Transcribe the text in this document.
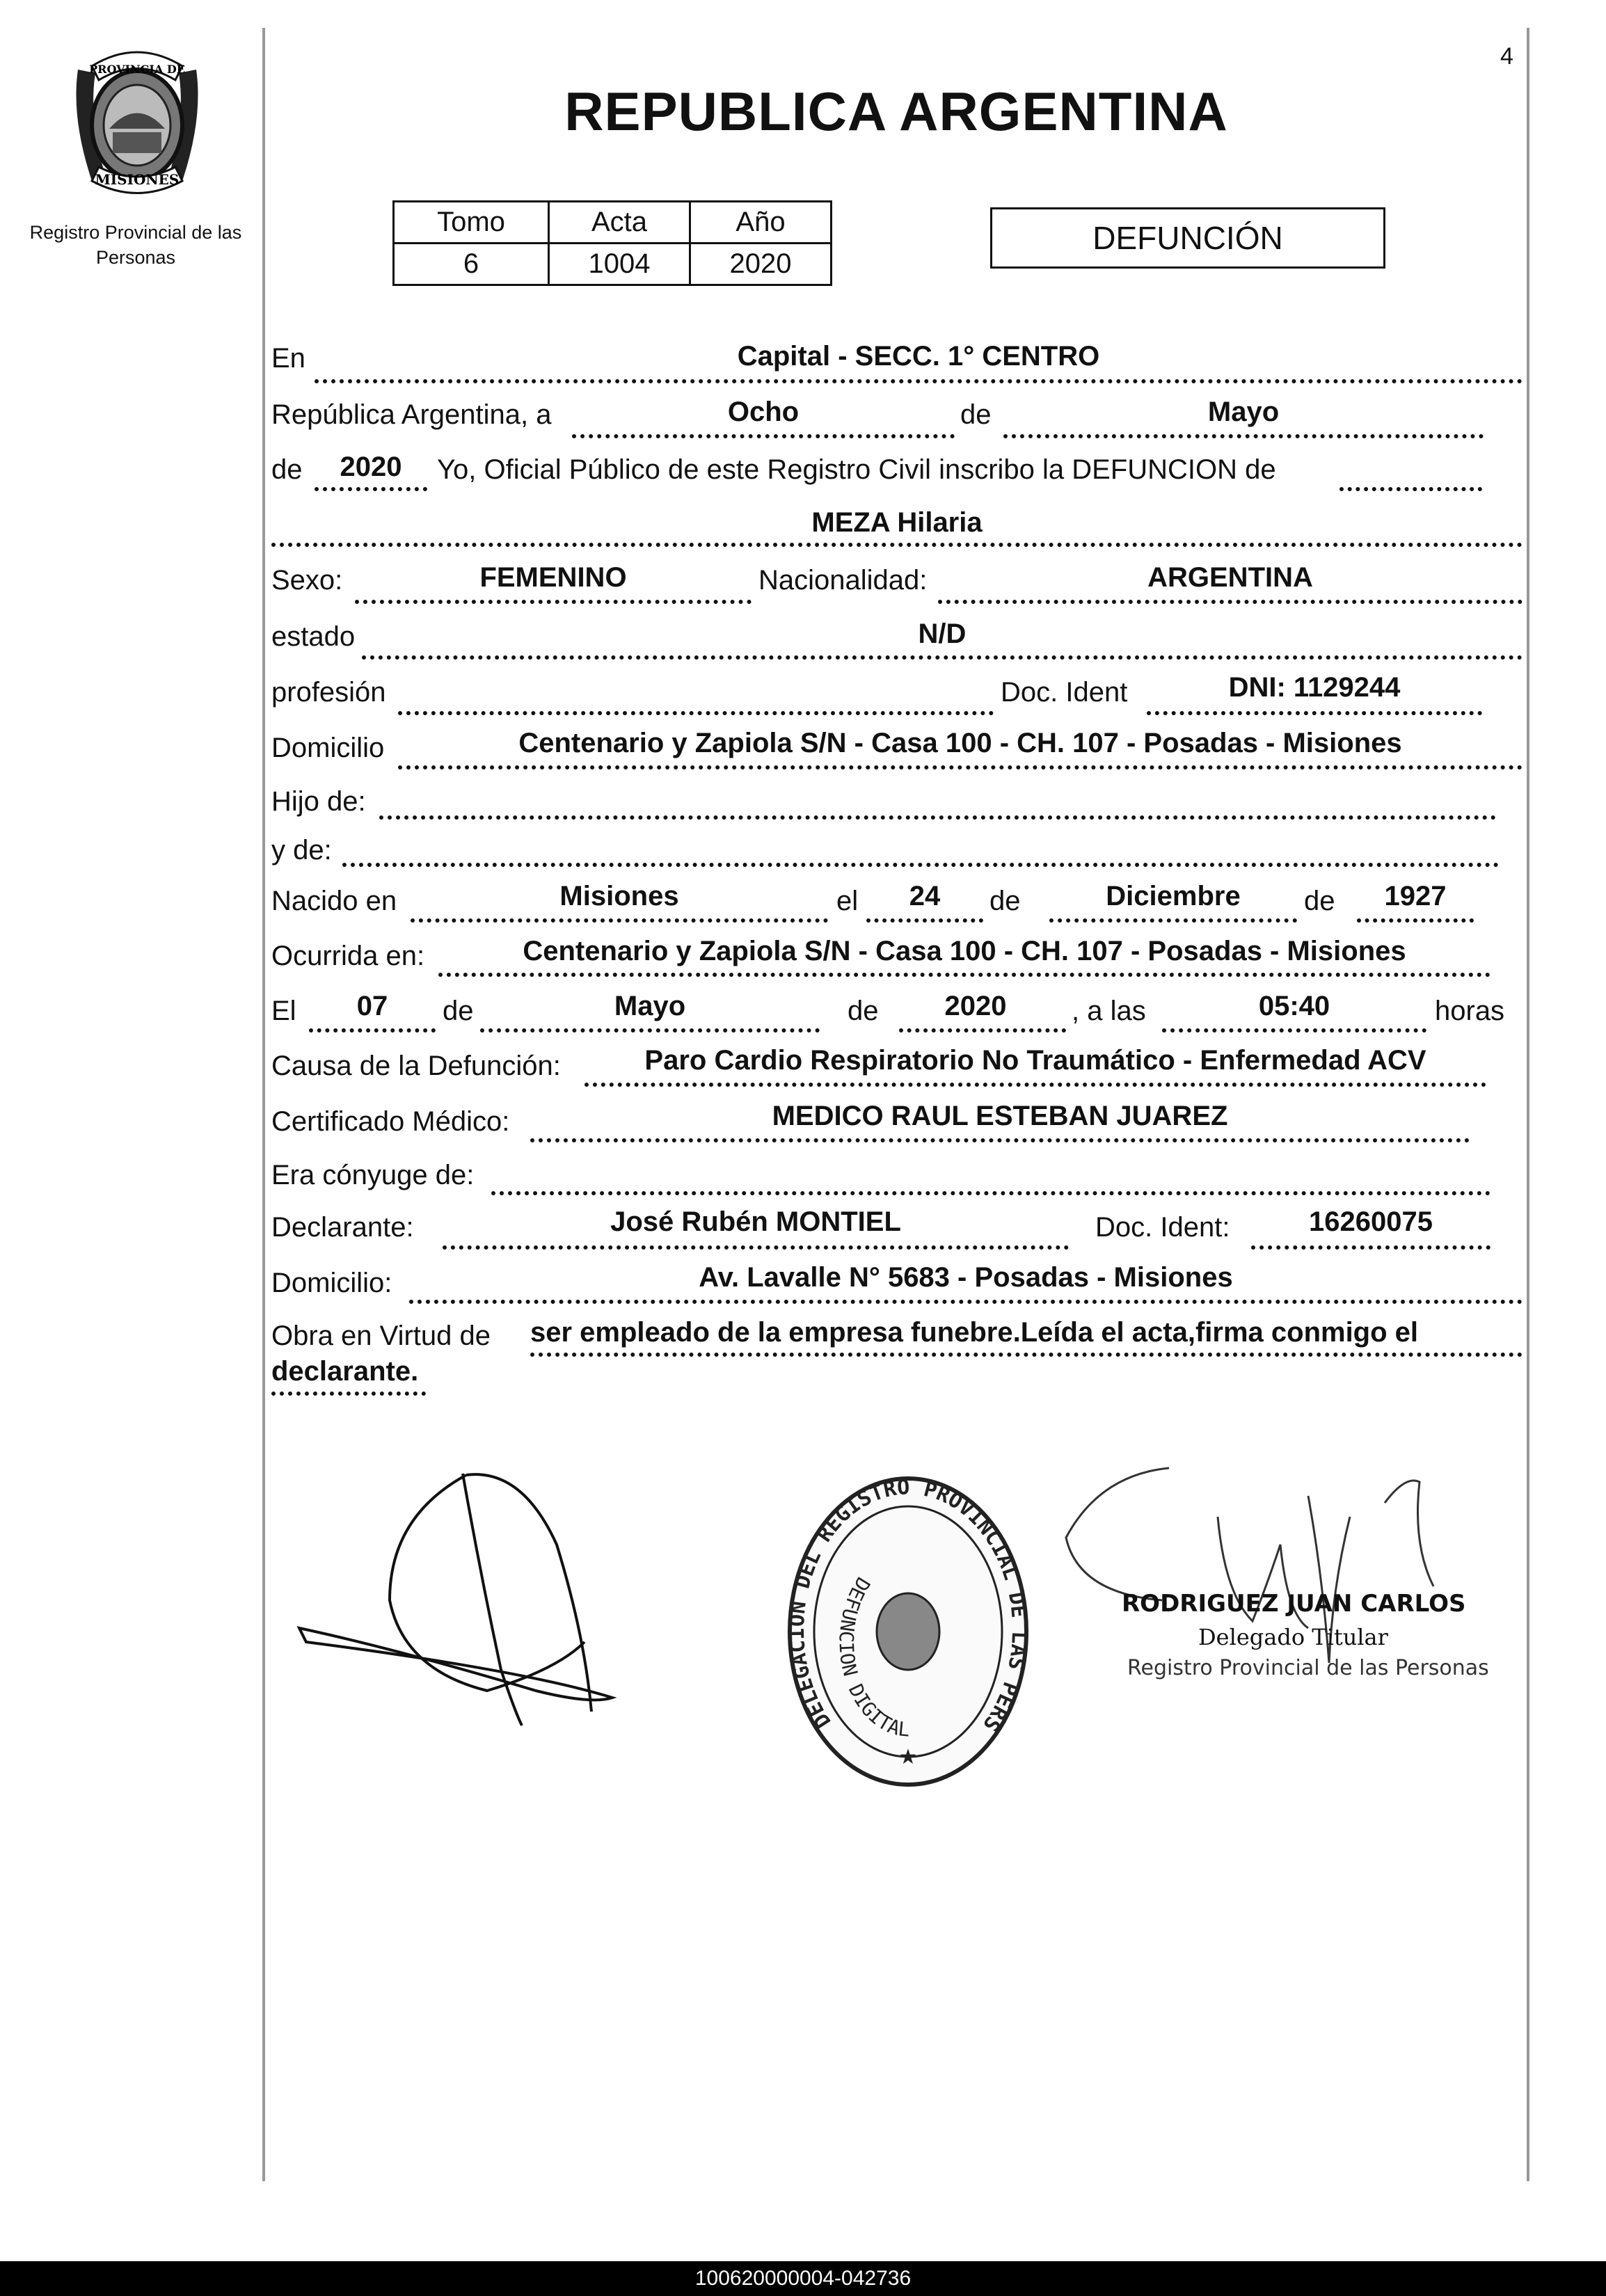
4
PROVINCIA DE
MISIONES
Registro Provincial de las Personas
REPUBLICA ARGENTINA
Tomo	Acta	Año
6	1004	2020
DEFUNCIÓN
En	Capital - SECC. 1° CENTRO
República Argentina, a	Ocho	de	Mayo
de	2020	Yo, Oficial Público de este Registro Civil inscribo la DEFUNCION de
MEZA Hilaria
Sexo:	FEMENINO	Nacionalidad:	ARGENTINA
estado	N/D
profesión	Doc. Ident	DNI: 1129244
Domicilio	Centenario y Zapiola S/N - Casa 100 - CH. 107 - Posadas - Misiones
Hijo de:
y de:
Nacido en	Misiones	el	24	de	Diciembre	de	1927
Ocurrida en:	Centenario y Zapiola S/N - Casa 100 - CH. 107 - Posadas - Misiones
El	07	de	Mayo	de	2020	, a las	05:40	horas
Causa de la Defunción:	Paro Cardio Respiratorio No Traumático - Enfermedad ACV
Certificado Médico:	MEDICO RAUL ESTEBAN JUAREZ
Era cónyuge de:
Declarante:	José Rubén MONTIEL	Doc. Ident:	16260075
Domicilio:	Av. Lavalle N° 5683 - Posadas - Misiones
Obra en Virtud de ser empleado de la empresa funebre.Leída el acta,firma conmigo el
declarante.
DELEGACION DEL REGISTRO PROVINCIAL DE LAS PERS
DEFUNCION DIGITAL
★
RODRIGUEZ JUAN CARLOS
Delegado Titular
Registro Provincial de las Personas
100620000004-042736
